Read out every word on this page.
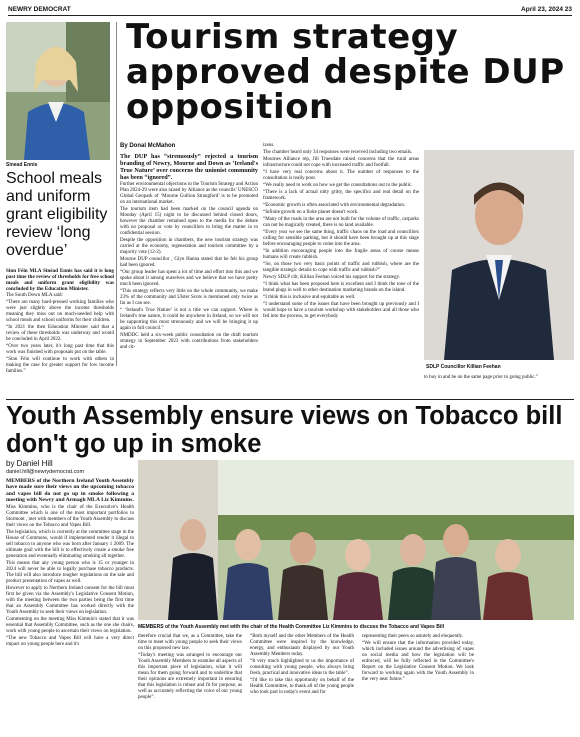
NEWRY DEMOCRAT	April 23, 2024 23
Sinead Ennis
School meals and uniform grant eligibility review ‘long overdue’

Sinn Féin MLA Sinéad Ennis has said it is long past time the review of thresholds for free school meals and uniform grant eligibility was concluded by the Education Minister.

The South Down MLA said:

“There are many hard-pressed working families who were just slightly above the income thresholds meaning they miss out on much-needed help with school meals and school uniforms for their children.

“In 2021 the then Education Minister said that a review of these thresholds was underway and would be concluded in April 2022.

“Over two years later, it's long past time that this work was finished with proposals put on the table.

“Sinn Féin will continue to work with others in making the case for greater support for low income families.”

Tourism strategy approved despite DUP opposition
By Donal McMahon

The DUP has “strenuously” rejected a tourism branding of Newry, Mourne and Down as ‘Ireland's True Nature’ over concerns the unionist community has been “ignored”.

Further environmental objections to the Tourism Strategy and Action Plan 2024-29 were also raised by Alliance as the councils’ UNESCO Global Geopark of ‘Mourne Gullion Strangford’ is to be promoted on an international market.

The tourism item had been marked on the council agenda on Monday (April 15) night to be discussed behind closed doors, however the chamber remained open to the media for the debate with no proposal or vote by councillors to bring the matter in to confidential session.

Despite the opposition in chambers, the new tourism strategy was carried at the economy, regeneration and tourism committee by a majority vote (12-2).

Mourne DUP councillor , Glyn Hanna stated that he felt his group had been ignored.

“Our group leader has spent a lot of time and effort into this and we spoke about it among ourselves and we believe that we have pretty much been ignored.

“This strategy reflects very little on the whole community, we make 23% of the community and Ulster Scots is mentioned only twice as far as I can see.

“ ‘Ireland's True Nature’ is not a title we can support. Where is Ireland's true nature, it could be anywhere in Ireland, so we will not be supporting this most strenuously and we will be bringing it up again in full council.”

NMDDC held a six-week public consultation on the draft tourism strategy in September 2023 with contributions from stakeholders and cit-

izens.

The chamber heard only 34 responses were received including two emails.

Mournes Alliance rep, Jill Truesdale raised concerns that the rural areas infrastructure could not cope with increased traffic and footfall.

“I have very real concerns about it. The number of responses to the consultation is really poor.

“We really need to work on how we get the consultations out to the public.

“There is a lack of actual nitty gritty, the specifics and real detail on the framework.

“Economic growth is often associated with environmental degradation.

“Infinite growth on a finite planet doesn't work.

“Many of the roads in the area are not built for the volume of traffic, carparks can not be magically created, there is no land available.

“Every year we see the same thing, traffic chaos on the road and councillors calling for sensible parking, but it should have been brought up at this stage before encouraging people to come into the area.

“In addition encouraging people into the fragile areas of course means humans will create rubbish.

“So, on those two very basic points of traffic and rubbish, where are the tangible strategic details to cope with traffic and rubbish?”

Newry SDLP cllr, Killian Feehan voiced his support for the strategy.

“I think what has been proposed here is excellent and I think the tone of the brand plugs in well to other destination marketing brands on the island.

“I think this is inclusive and equitable as well.

“I understand some of the issues that have been brought up previously and I would hope to have a tourism workshop with stakeholders and all those who fed into the process, to get everybody

SDLP Councillor Killian Feehan

to buy in and be on the same page prior to going public.”

Youth Assembly ensure views on Tobacco bill don't go up in smoke
by Daniel Hill
daniel.hill@newrydemocrat.com

MEMBERS of the Northern Ireland Youth Assembly have made sure their views on the upcoming tobacco and vapes bill do not go up in smoke following a meeting with Newry and Armagh MLA Liz Kimmins.

Miss Kimmins, who is the chair of the Executive's Health Committee which is one of the most important portfolios in Stormont , met with members of the Youth Assembly to discuss their views on the Tobacco and Vapes Bill.

The legislation, which is currently at the committee stage in the House of Commons, would if implemented render it illegal to sell tobacco to anyone who was born after January 1 2009. The ultimate goal with the bill is to effectively create a smoke free generation and eventually eliminating smoking all together.

This means that any young person who is 15 or younger in 2024 will never be able to legally purchase tobacco products. The bill will also introduce tougher regulations on the sale and product presentation of vapes as well.

However to apply to Northern Ireland consent for the bill must first be given via the Assembly's Legislative Consent Motion, with the meeting between the two parties being the first time that an Assembly Committee has worked directly with the Youth Assembly to seek their views on legislation.

Commenting on the meeting Miss Kimmin's stated that it was essential that Assembly Committee, such as the one she chairs, work with young people to ascertain their views on legislation.

“The new Tobacco and Vapes Bill will have a very direct impact on young people here and it's

MEMBERS of the Youth Assembly met with the chair of the Health Committee Liz Kimmins to discuss the Tobacco and Vapes Bill

therefore crucial that we, as a Committee, take the time to meet with young people to seek their views on this proposed new law.

“Today's meeting was arranged to encourage our Youth Assembly Members to examine all aspects of this important piece of legislation, what it will mean for them going forward and to underline that their opinions are extremely important in ensuring that this legislation is robust and fit for purpose, as well as accurately reflecting the voice of our young people”.

“Both myself and the other Members of the Health Committee were inspired by the knowledge, energy, and enthusiasm displayed by our Youth Assembly Members today.

“It very much highlighted to us the importance of consulting with young people, who always bring fresh, practical and innovative ideas to the table”.

“I'd like to take this opportunity on behalf of the Health Committee, to thank all of the young people who took part in today's event and for

representing their peers so astutely and eloquently.

“We will ensure that the information provided today, which included issues around the advertising of vapes on social media and how the legislation will be enforced, will be fully reflected in the Committee's Report on the Legislative Consent Motion. We look forward to working again with the Youth Assembly in the very near future.”
